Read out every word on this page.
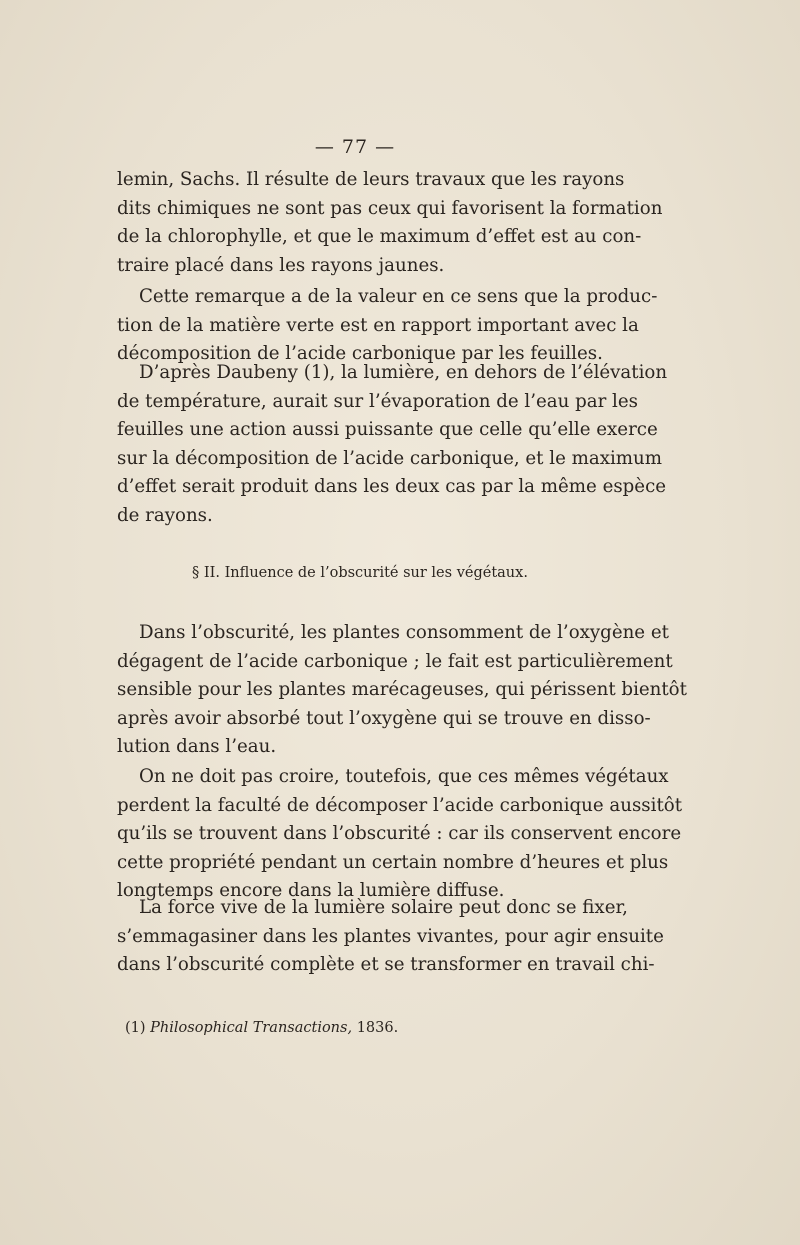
— 77 —
lemin, Sachs. Il résulte de leurs travaux que les rayons
dits chimiques ne sont pas ceux qui favorisent la formation
de la chlorophylle, et que le maximum d’effet est au con-
traire placé dans les rayons jaunes.
Cette remarque a de la valeur en ce sens que la produc-
tion de la matière verte est en rapport important avec la
décomposition de l’acide carbonique par les feuilles.
D’après Daubeny (1), la lumière, en dehors de l’élévation
de température, aurait sur l’évaporation de l’eau par les
feuilles une action aussi puissante que celle qu’elle exerce
sur la décomposition de l’acide carbonique, et le maximum
d’effet serait produit dans les deux cas par la même espèce
de rayons.
§ II. Influence de l’obscurité sur les végétaux.
Dans l’obscurité, les plantes consomment de l’oxygène et
dégagent de l’acide carbonique ; le fait est particulièrement
sensible pour les plantes marécageuses, qui périssent bientôt
après avoir absorbé tout l’oxygène qui se trouve en disso-
lution dans l’eau.
On ne doit pas croire, toutefois, que ces mêmes végétaux
perdent la faculté de décomposer l’acide carbonique aussitôt
qu’ils se trouvent dans l’obscurité : car ils conservent encore
cette propriété pendant un certain nombre d’heures et plus
longtemps encore dans la lumière diffuse.
La force vive de la lumière solaire peut donc se fixer,
s’emmagasiner dans les plantes vivantes, pour agir ensuite
dans l’obscurité complète et se transformer en travail chi-
(1) Philosophical Transactions, 1836.
